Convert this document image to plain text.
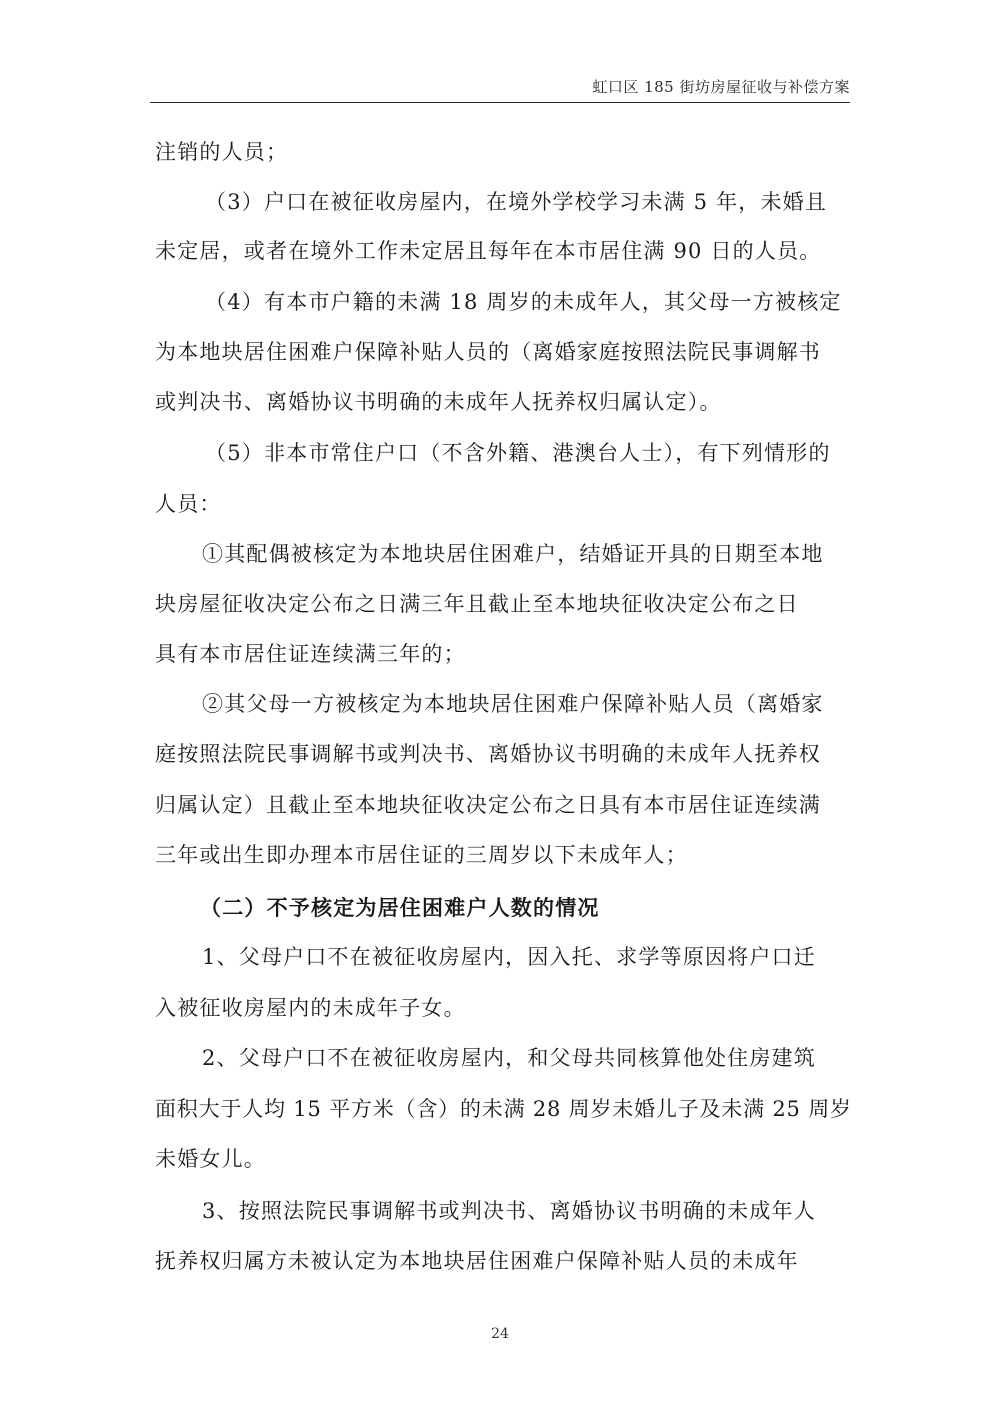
虹口区 185 街坊房屋征收与补偿方案
注销的人员；
（3）户口在被征收房屋内，在境外学校学习未满 5 年，未婚且
未定居，或者在境外工作未定居且每年在本市居住满 90 日的人员。
（4）有本市户籍的未满 18 周岁的未成年人，其父母一方被核定
为本地块居住困难户保障补贴人员的（离婚家庭按照法院民事调解书
或判决书、离婚协议书明确的未成年人抚养权归属认定）。
（5）非本市常住户口（不含外籍、港澳台人士），有下列情形的
人员：
①其配偶被核定为本地块居住困难户，结婚证开具的日期至本地
块房屋征收决定公布之日满三年且截止至本地块征收决定公布之日
具有本市居住证连续满三年的；
②其父母一方被核定为本地块居住困难户保障补贴人员（离婚家
庭按照法院民事调解书或判决书、离婚协议书明确的未成年人抚养权
归属认定）且截止至本地块征收决定公布之日具有本市居住证连续满
三年或出生即办理本市居住证的三周岁以下未成年人；
（二）不予核定为居住困难户人数的情况
1、父母户口不在被征收房屋内，因入托、求学等原因将户口迁
入被征收房屋内的未成年子女。
2、父母户口不在被征收房屋内，和父母共同核算他处住房建筑
面积大于人均 15 平方米（含）的未满 28 周岁未婚儿子及未满 25 周岁
未婚女儿。
3、按照法院民事调解书或判决书、离婚协议书明确的未成年人
抚养权归属方未被认定为本地块居住困难户保障补贴人员的未成年
24
